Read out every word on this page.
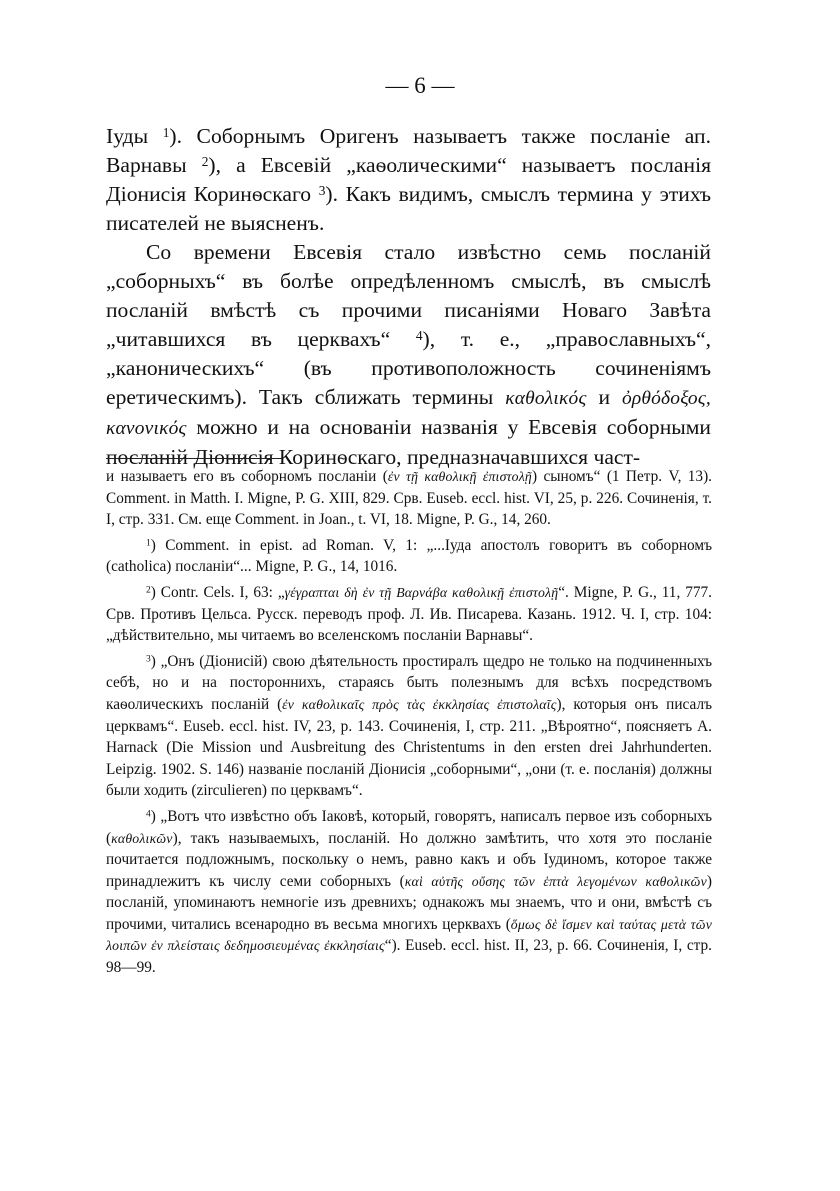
— 6 —

Іуды $^1$). Соборнымъ Оригенъ называетъ также посланіе ап. Варнавы $^2$), а Евсевій „каѳолическими“ называетъ посланія Діонисія Коринѳскаго $^3$). Какъ видимъ, смыслъ термина у этихъ писателей не выясненъ.

Со времени Евсевія стало извѣстно семь посланій „соборныхъ“ въ болѣе опредѣленномъ смыслѣ, въ смыслѣ посланій вмѣстѣ съ прочими писаніями Новаго Завѣта „читавшихся въ церквахъ“ $^4$), т. е., „православныхъ“, „каноническихъ“ (въ противоположность сочиненіямъ еретическимъ). Такъ сближать термины καθολικός и ὀρθόδοξος, κανονικός можно и на основаніи названія у Евсевія соборными посланій Діонисія Коринѳскаго, предназначавшихся част-

и называетъ его въ соборномъ посланіи (ἐν τῇ καθολικῇ ἐπιστολῇ) сыномъ“ (1 Петр. V, 13). Comment. in Matth. I. Migne, P. G. XIII, 829. Срв. Euseb. eccl. hist. VI, 25, p. 226. Сочиненія, т. I, стр. 331. См. еще Comment. in Joan., t. VI, 18. Migne, P. G., 14, 260.

$^1$) Comment. in epist. ad Roman. V, 1: „...Іуда апостолъ говоритъ въ соборномъ (catholica) посланіи“... Migne, P. G., 14, 1016.

$^2$) Contr. Cels. I, 63: „γέγραπται δὴ ἐν τῇ Βαρνάβα καθολικῇ ἐπιστολῇ“. Migne, P. G., 11, 777. Срв. Противъ Цельса. Русск. переводъ проф. Л. Ив. Писарева. Казань. 1912. Ч. I, стр. 104: „дѣйствительно, мы читаемъ во вселенскомъ посланіи Варнавы“.

$^3$) „Онъ (Діонисій) свою дѣятельность простиралъ щедро не только на подчиненныхъ себѣ, но и на постороннихъ, стараясь быть полезнымъ для всѣхъ посредствомъ каѳолическихъ посланій (ἐν καθολικαῖς πρὸς τὰς ἐκκλησίας ἐπιστολαῖς), которыя онъ писалъ церквамъ“. Euseb. eccl. hist. IV, 23, p. 143. Сочиненія, I, стр. 211. „Вѣроятно“, поясняетъ A. Harnack (Die Mission und Ausbreitung des Christentums in den ersten drei Jahrhunderten. Leipzig. 1902. S. 146) названіе посланій Діонисія „соборными“, „они (т. е. посланія) должны были ходить (zirculieren) по церквамъ“.

$^4$) „Вотъ что извѣстно объ Іаковѣ, который, говорятъ, написалъ первое изъ соборныхъ (καθολικῶν), такъ называемыхъ, посланій. Но должно замѣтить, что хотя это посланіе почитается подложнымъ, поскольку о немъ, равно какъ и объ Іудиномъ, которое также принадлежитъ къ числу семи соборныхъ (καὶ αὐτῆς οὔσης τῶν ἑπτὰ λεγομένων καθολικῶν) посланій, упоминаютъ немногіе изъ древнихъ; однакожъ мы знаемъ, что и они, вмѣстѣ съ прочими, читались всенародно въ весьма многихъ церквахъ (ὅμως δὲ ἴσμεν καὶ ταύτας μετὰ τῶν λοιπῶν ἐν πλείσταις δεδημοσιευμένας ἐκκλησίαις“). Euseb. eccl. hist. II, 23, p. 66. Сочиненія, I, стр. 98—99.
